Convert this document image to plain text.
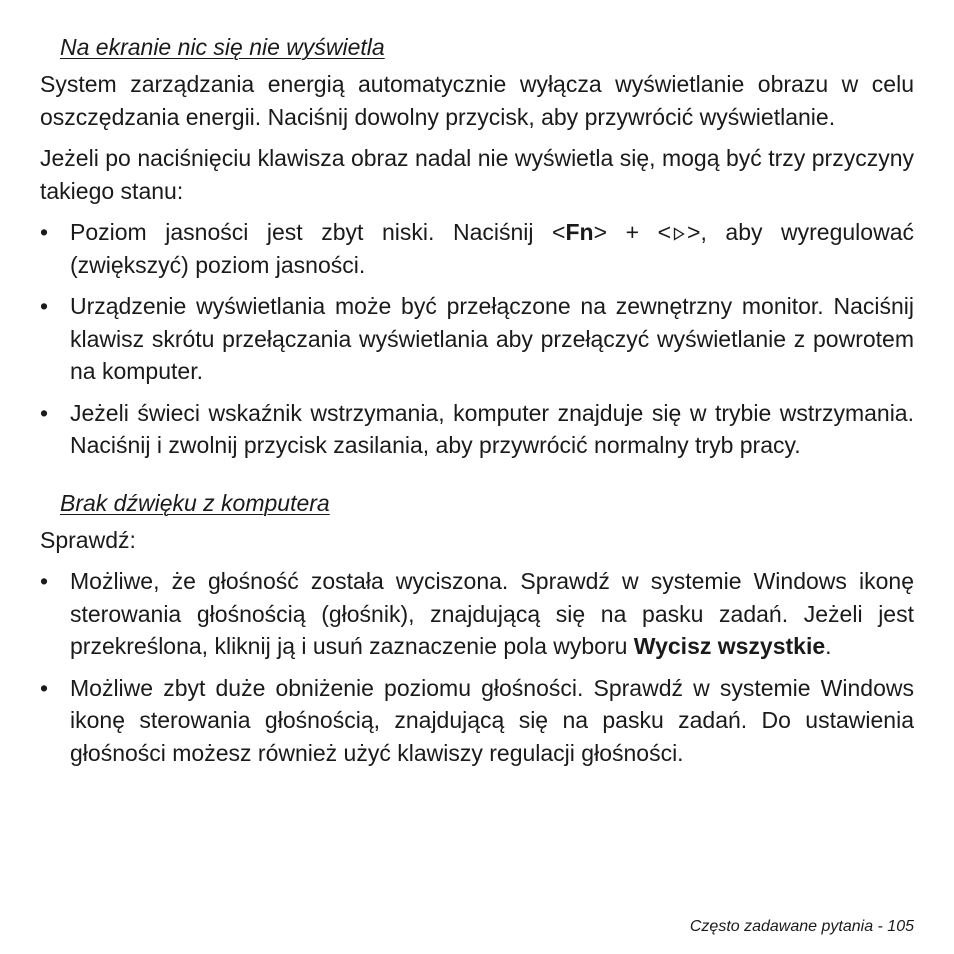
Na ekranie nic się nie wyświetla

System zarządzania energią automatycznie wyłącza wyświetlanie obrazu w celu oszczędzania energii. Naciśnij dowolny przycisk, aby przywrócić wyświetlanie.

Jeżeli po naciśnięciu klawisza obraz nadal nie wyświetla się, mogą być trzy przyczyny takiego stanu:

• Poziom jasności jest zbyt niski. Naciśnij <Fn> + < >, aby wyregulować (zwiększyć) poziom jasności.
• Urządzenie wyświetlania może być przełączone na zewnętrzny monitor. Naciśnij klawisz skrótu przełączania wyświetlania aby przełączyć wyświetlanie z powrotem na komputer.
• Jeżeli świeci wskaźnik wstrzymania, komputer znajduje się w trybie wstrzymania. Naciśnij i zwolnij przycisk zasilania, aby przywrócić normalny tryb pracy.
Brak dźwięku z komputera

Sprawdź:

• Możliwe, że głośność została wyciszona. Sprawdź w systemie Windows ikonę sterowania głośnością (głośnik), znajdującą się na pasku zadań. Jeżeli jest przekreślona, kliknij ją i usuń zaznaczenie pola wyboru Wycisz wszystkie.
• Możliwe zbyt duże obniżenie poziomu głośności. Sprawdź w systemie Windows ikonę sterowania głośnością, znajdującą się na pasku zadań. Do ustawienia głośności możesz również użyć klawiszy regulacji głośności.
Często zadawane pytania - 105
